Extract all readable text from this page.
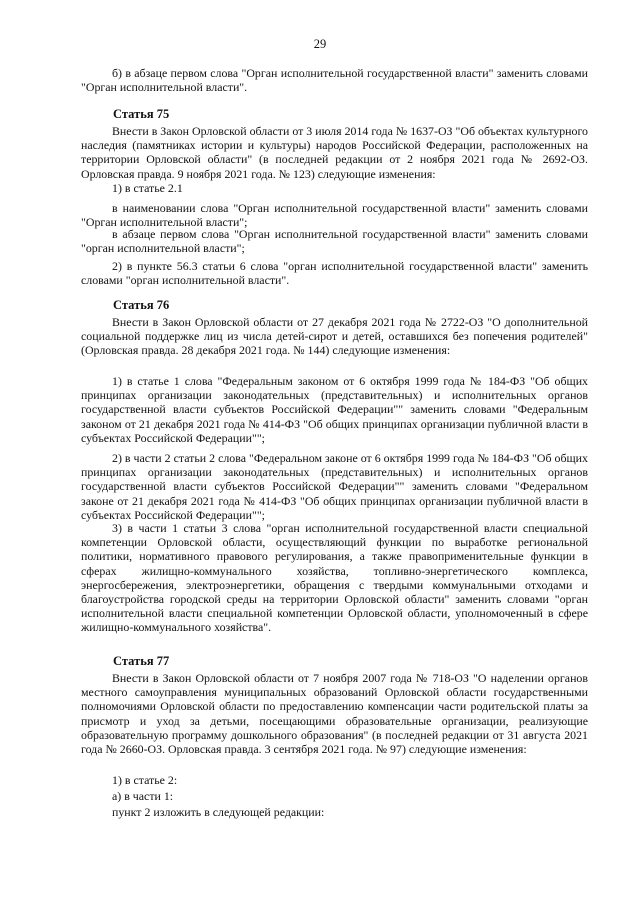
29

б) в абзаце первом слова "Орган исполнительной государственной власти" заменить словами "Орган исполнительной власти".

Статья 75

Внести в Закон Орловской области от 3 июля 2014 года № 1637-ОЗ "Об объектах культурного наследия (памятниках истории и культуры) народов Российской Федерации, расположенных на территории Орловской области" (в последней редакции от 2 ноября 2021 года № 2692-ОЗ. Орловская правда. 9 ноября 2021 года. № 123) следующие изменения:

1) в статье 2.1

в наименовании слова "Орган исполнительной государственной власти" заменить словами "Орган исполнительной власти";

в абзаце первом слова "Орган исполнительной государственной власти" заменить словами "орган исполнительной власти";

2) в пункте 56.3 статьи 6 слова "орган исполнительной государственной власти" заменить словами "орган исполнительной власти".

Статья 76

Внести в Закон Орловской области от 27 декабря 2021 года № 2722-ОЗ "О дополнительной социальной поддержке лиц из числа детей-сирот и детей, оставшихся без попечения родителей" (Орловская правда. 28 декабря 2021 года. № 144) следующие изменения:

1) в статье 1 слова "Федеральным законом от 6 октября 1999 года № 184-ФЗ "Об общих принципах организации законодательных (представительных) и исполнительных органов государственной власти субъектов Российской Федерации"" заменить словами "Федеральным законом от 21 декабря 2021 года № 414-ФЗ "Об общих принципах организации публичной власти в субъектах Российской Федерации"";

2) в части 2 статьи 2 слова "Федеральном законе от 6 октября 1999 года № 184-ФЗ "Об общих принципах организации законодательных (представительных) и исполнительных органов государственной власти субъектов Российской Федерации"" заменить словами "Федеральном законе от 21 декабря 2021 года № 414-ФЗ "Об общих принципах организации публичной власти в субъектах Российской Федерации"";

3) в части 1 статьи 3 слова "орган исполнительной государственной власти специальной компетенции Орловской области, осуществляющий функции по выработке региональной политики, нормативного правового регулирования, а также правоприменительные функции в сферах жилищно-коммунального хозяйства, топливно-энергетического комплекса, энергосбережения, электроэнергетики, обращения с твердыми коммунальными отходами и благоустройства городской среды на территории Орловской области" заменить словами "орган исполнительной власти специальной компетенции Орловской области, уполномоченный в сфере жилищно-коммунального хозяйства".

Статья 77

Внести в Закон Орловской области от 7 ноября 2007 года № 718-ОЗ "О наделении органов местного самоуправления муниципальных образований Орловской области государственными полномочиями Орловской области по предоставлению компенсации части родительской платы за присмотр и уход за детьми, посещающими образовательные организации, реализующие образовательную программу дошкольного образования" (в последней редакции от 31 августа 2021 года № 2660-ОЗ. Орловская правда. 3 сентября 2021 года. № 97) следующие изменения:

1) в статье 2:

а) в части 1:

пункт 2 изложить в следующей редакции:
